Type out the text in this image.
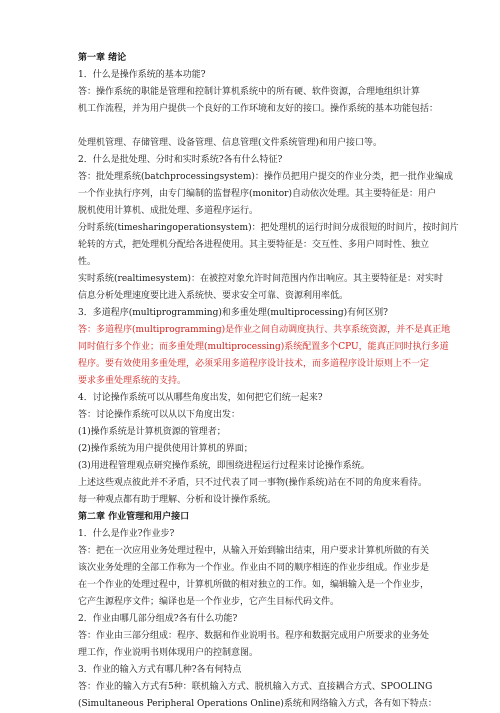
第一章 绪论
1．什么是操作系统的基本功能?
答：操作系统的职能是管理和控制计算机系统中的所有硬、软件资源，合理地组织计算
机工作流程，并为用户提供一个良好的工作环境和友好的接口。操作系统的基本功能包括：
处理机管理、存储管理、设备管理、信息管理(文件系统管理)和用户接口等。
2．什么是批处理、分时和实时系统?各有什么特征?
答：批处理系统(batchprocessingsystem)：操作员把用户提交的作业分类，把一批作业编成
一个作业执行序列，由专门编制的监督程序(monitor)自动依次处理。其主要特征是：用户
脱机使用计算机、成批处理、多道程序运行。
分时系统(timesharingoperationsystem)：把处理机的运行时间分成很短的时间片，按时间片
轮转的方式，把处理机分配给各进程使用。其主要特征是：交互性、多用户同时性、独立
性。
实时系统(realtimesystem)：在被控对象允许时间范围内作出响应。其主要特征是：对实时
信息分析处理速度要比进入系统快、要求安全可靠、资源利用率低。
3．多道程序(multiprogramming)和多重处理(multiprocessing)有何区别?
答：多道程序(multiprogramming)是作业之间自动调度执行、共享系统资源，并不是真正地
同时值行多个作业；而多重处理(multiprocessing)系统配置多个CPU，能真正同时执行多道
程序。要有效使用多重处理，必须采用多道程序设计技术，而多道程序设计原则上不一定
要求多重处理系统的支持。
4．讨论操作系统可以从哪些角度出发，如何把它们统一起来?
答：讨论操作系统可以从以下角度出发：
(1)操作系统是计算机资源的管理者；
(2)操作系统为用户提供使用计算机的界面；
(3)用进程管理观点研究操作系统，即围绕进程运行过程来讨论操作系统。
上述这些观点彼此并不矛盾，只不过代表了同一事物(操作系统)站在不同的角度来看待。
每一种观点都有助于理解、分析和设计操作系统。
第二章 作业管理和用户接口
1．什么是作业?作业步?
答：把在一次应用业务处理过程中，从输入开始到输出结束，用户要求计算机所做的有关
该次业务处理的全部工作称为一个作业。作业由不同的顺序相连的作业步组成。作业步是
在一个作业的处理过程中，计算机所做的相对独立的工作。如，编辑输入是一个作业步，
它产生源程序文件；编译也是一个作业步，它产生目标代码文件。
2．作业由哪几部分组成?各有什么功能?
答：作业由三部分组成：程序、数据和作业说明书。程序和数据完成用户所要求的业务处
理工作，作业说明书则体现用户的控制意图。
3．作业的输入方式有哪几种?各有何特点
答：作业的输入方式有5种：联机输入方式、脱机输入方式、直接耦合方式、SPOOLING
(Simultaneous Peripheral Operations Online)系统和网络输入方式，各有如下特点：
